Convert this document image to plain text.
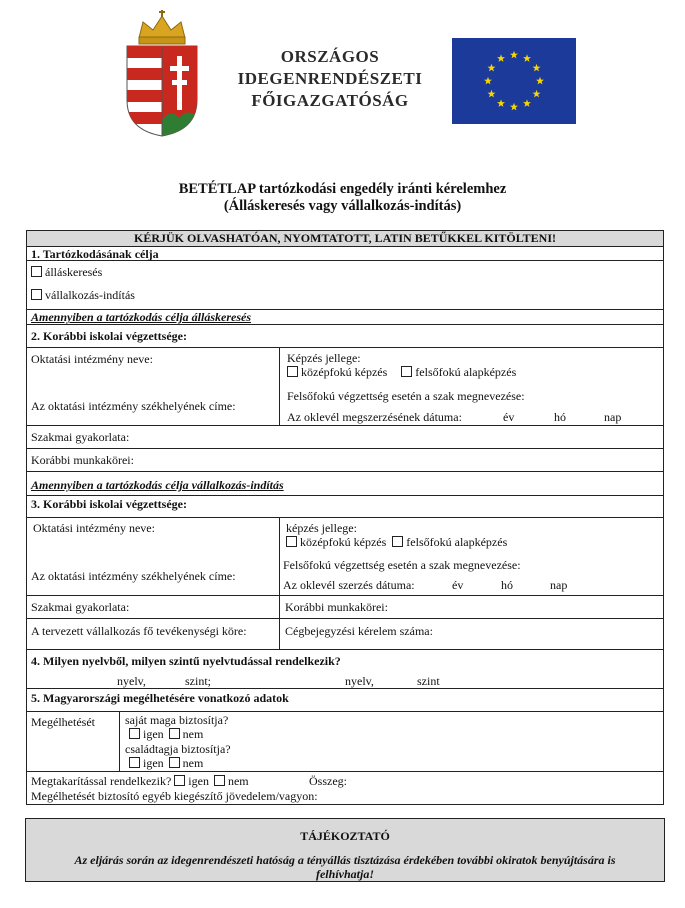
ORSZÁGOS
IDEGENRENDÉSZETI
FŐIGAZGATÓSÁG
BETÉTLAP tartózkodási engedély iránti kérelemhez
(Álláskeresés vagy vállalkozás-indítás)
KÉRJÜK OLVASHATÓAN, NYOMTATOTT, LATIN BETŰKKEL KITÖLTENI!
1. Tartózkodásának célja
álláskeresés
vállalkozás-indítás
Amennyiben a tartózkodás célja álláskeresés
2. Korábbi iskolai végzettsége:
Oktatási intézmény neve:
Az oktatási intézmény székhelyének címe:
Képzés jellege:
középfokú képzés felsőfokú alapképzés
Felsőfokú végzettség esetén a szak megnevezése:
Az oklevél megszerzésének dátuma:	év	hó	nap
Szakmai gyakorlata:
Korábbi munkakörei:
Amennyiben a tartózkodás célja vállalkozás-indítás
3. Korábbi iskolai végzettsége:
Oktatási intézmény neve:
Az oktatási intézmény székhelyének címe:
képzés jellege:
középfokú képzés felsőfokú alapképzés
Felsőfokú végzettség esetén a szak megnevezése:
Az oklevél szerzés dátuma:	év	hó	nap
Szakmai gyakorlata:	Korábbi munkakörei:
A tervezett vállalkozás fő tevékenységi köre:	Cégbejegyzési kérelem száma:
4. Milyen nyelvből, milyen szintű nyelvtudással rendelkezik?
nyelv,	szint;	nyelv,	szint
5. Magyarországi megélhetésére vonatkozó adatok
Megélhetését	saját maga biztosítja?
igen nem
családtagja biztosítja?
igen nem
Megtakarítással rendelkezik? igen nem	Összeg:
Megélhetését biztosító egyéb kiegészítő jövedelem/vagyon:
TÁJÉKOZTATÓ
Az eljárás során az idegenrendészeti hatóság a tényállás tisztázása érdekében további okiratok benyújtására is felhívhatja!
